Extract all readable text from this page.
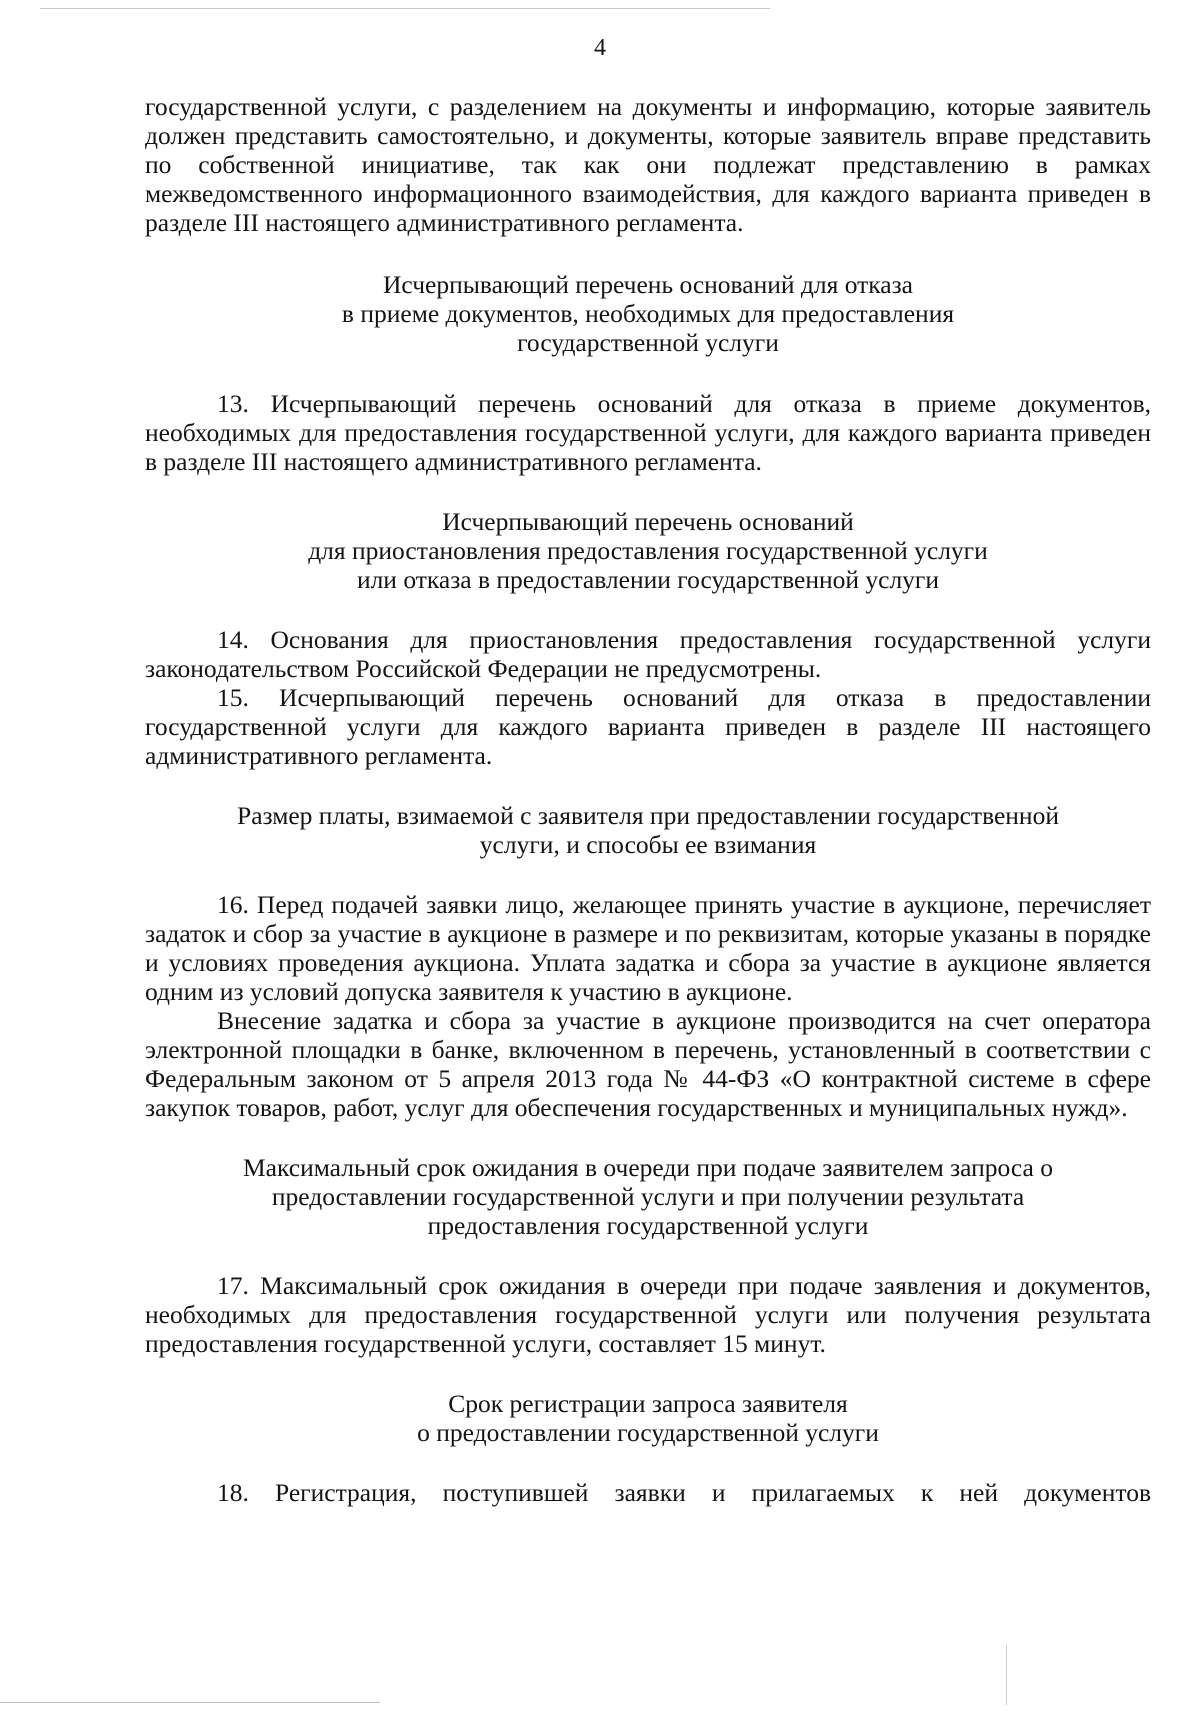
4

государственной услуги, с разделением на документы и информацию, которые заявитель должен представить самостоятельно, и документы, которые заявитель вправе представить по собственной инициативе, так как они подлежат представлению в рамках межведомственного информационного взаимодействия, для каждого варианта приведен в разделе III настоящего административного регламента.

Исчерпывающий перечень оснований для отказа
в приеме документов, необходимых для предоставления
государственной услуги

13. Исчерпывающий перечень оснований для отказа в приеме документов, необходимых для предоставления государственной услуги, для каждого варианта приведен в разделе III настоящего административного регламента.

Исчерпывающий перечень оснований
для приостановления предоставления государственной услуги
или отказа в предоставлении государственной услуги

14. Основания для приостановления предоставления государственной услуги законодательством Российской Федерации не предусмотрены.

15. Исчерпывающий перечень оснований для отказа в предоставлении государственной услуги для каждого варианта приведен в разделе III настоящего административного регламента.

Размер платы, взимаемой с заявителя при предоставлении государственной
услуги, и способы ее взимания

16. Перед подачей заявки лицо, желающее принять участие в аукционе, перечисляет задаток и сбор за участие в аукционе в размере и по реквизитам, которые указаны в порядке и условиях проведения аукциона. Уплата задатка и сбора за участие в аукционе является одним из условий допуска заявителя к участию в аукционе.

Внесение задатка и сбора за участие в аукционе производится на счет оператора электронной площадки в банке, включенном в перечень, установленный в соответствии с Федеральным законом от 5 апреля 2013 года № 44-ФЗ «О контрактной системе в сфере закупок товаров, работ, услуг для обеспечения государственных и муниципальных нужд».

Максимальный срок ожидания в очереди при подаче заявителем запроса о
предоставлении государственной услуги и при получении результата
предоставления государственной услуги

17. Максимальный срок ожидания в очереди при подаче заявления и документов, необходимых для предоставления государственной услуги или получения результата предоставления государственной услуги, составляет 15 минут.

Срок регистрации запроса заявителя
о предоставлении государственной услуги

18. Регистрация, поступившей заявки и прилагаемых к ней документов
